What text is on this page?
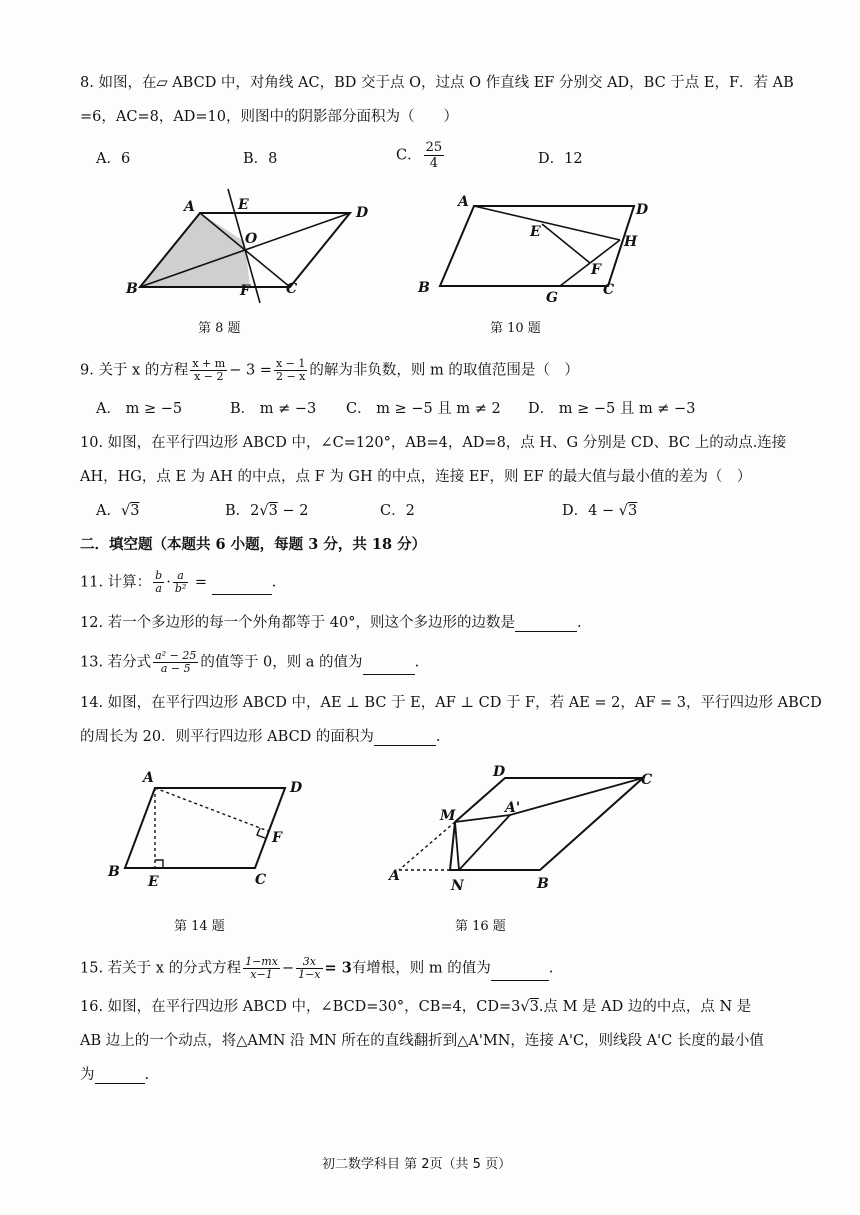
8. 如图，在▱ ABCD 中，对角线 AC，BD 交于点 O，过点 O 作直线 EF 分别交 AD，BC 于点 E，F．若 AB
=6，AC=8，AD=10，则图中的阴影部分面积为（　　）
A．6	B．8	C． $\frac{25}{4}$	D．12
A	D
E
O
B	F	C
第 8 题
A	D
E
H
F
B
G	C
第 10 题
9. 关于 x 的方程 $\frac{x + m}{x - 2} - 3 = \frac{x - 1}{2 - x}$ 的解为非负数，则 m 的取值范围是（　）
A． m ≥ −5	B． m ≠ −3 C． m ≥ −5 且 m ≠ 2 D． m ≥ −5 且 m ≠ −3
10. 如图，在平行四边形 ABCD 中，∠C=120°，AB=4，AD=8，点 H、G 分别是 CD、BC 上的动点.连接
AH，HG，点 E 为 AH 的中点，点 F 为 GH 的中点，连接 EF，则 EF 的最大值与最小值的差为（　）
A．√3	B．2√3 − 2	C．2	D．4 − √3
二．填空题（本题共 6 小题，每题 3 分，共 18 分）
11. 计算： $\frac{b}{a} \cdot \frac{a}{\text{b²}}$ =	.
12. 若一个多边形的每一个外角都等于 40°，则这个多边形的边数是	.
13. 若分式 $\frac{\text{a² − 25}}{a - 5}$ 的值等于 0，则 a 的值为	.
14. 如图，在平行四边形 ABCD 中，AE ⊥ BC 于 E，AF ⊥ CD 于 F，若 AE = 2，AF = 3，平行四边形 ABCD
的周长为 20．则平行四边形 ABCD 的面积为	.
A
D
F
B
E	C
第 14 题
D	C
M	A'
A
N	B
第 16 题
15. 若关于 x 的分式方程 $\frac{1-mx}{x-1} - \frac{3x}{1-x} = 3$有增根，则 m 的值为	.
16. 如图，在平行四边形 ABCD 中，∠BCD=30°，CB=4，CD=3√3.点 M 是 AD 边的中点，点 N 是
AB 边上的一个动点，将△AMN 沿 MN 所在的直线翻折到△A'MN，连接 A'C，则线段 A'C 长度的最小值
为	.
初二数学科目 第 2页（共 5 页）
